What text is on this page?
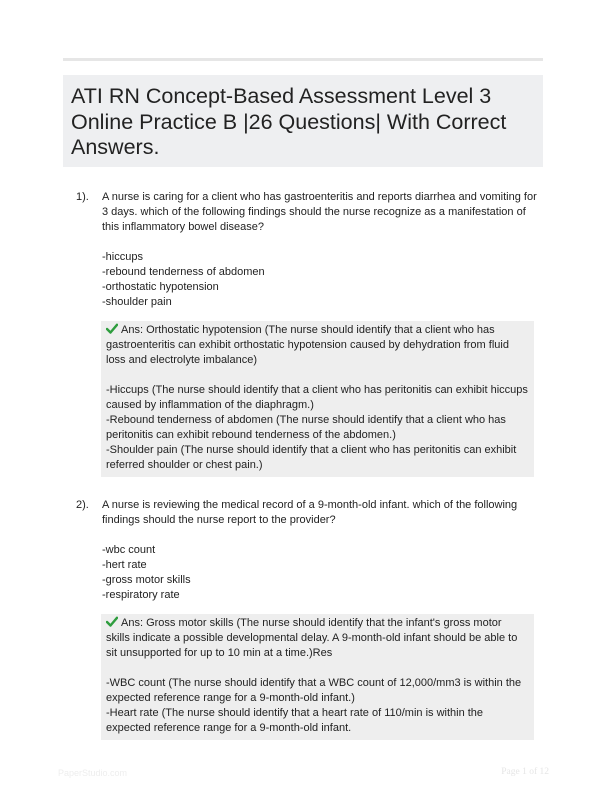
ATI RN Concept-Based Assessment Level 3 Online Practice B |26 Questions| With Correct Answers.
1). A nurse is caring for a client who has gastroenteritis and reports diarrhea and vomiting for 3 days. which of the following findings should the nurse recognize as a manifestation of this inflammatory bowel disease?

-hiccups
-rebound tenderness of abdomen
-orthostatic hypotension
-shoulder pain

Ans: Orthostatic hypotension (The nurse should identify that a client who has gastroenteritis can exhibit orthostatic hypotension caused by dehydration from fluid loss and electrolyte imbalance)

-Hiccups (The nurse should identify that a client who has peritonitis can exhibit hiccups caused by inflammation of the diaphragm.)

-Rebound tenderness of abdomen (The nurse should identify that a client who has peritonitis can exhibit rebound tenderness of the abdomen.)

-Shoulder pain (The nurse should identify that a client who has peritonitis can exhibit referred shoulder or chest pain.)

2). A nurse is reviewing the medical record of a 9-month-old infant. which of the following findings should the nurse report to the provider?

-wbc count
-hert rate
-gross motor skills
-respiratory rate

Ans: Gross motor skills (The nurse should identify that the infant's gross motor skills indicate a possible developmental delay. A 9-month-old infant should be able to sit unsupported for up to 10 min at a time.)Res

-WBC count (The nurse should identify that a WBC count of 12,000/mm3 is within the expected reference range for a 9-month-old infant.)

-Heart rate (The nurse should identify that a heart rate of 110/min is within the expected reference range for a 9-month-old infant.

PaperStudio.com	Page 1 of 12
